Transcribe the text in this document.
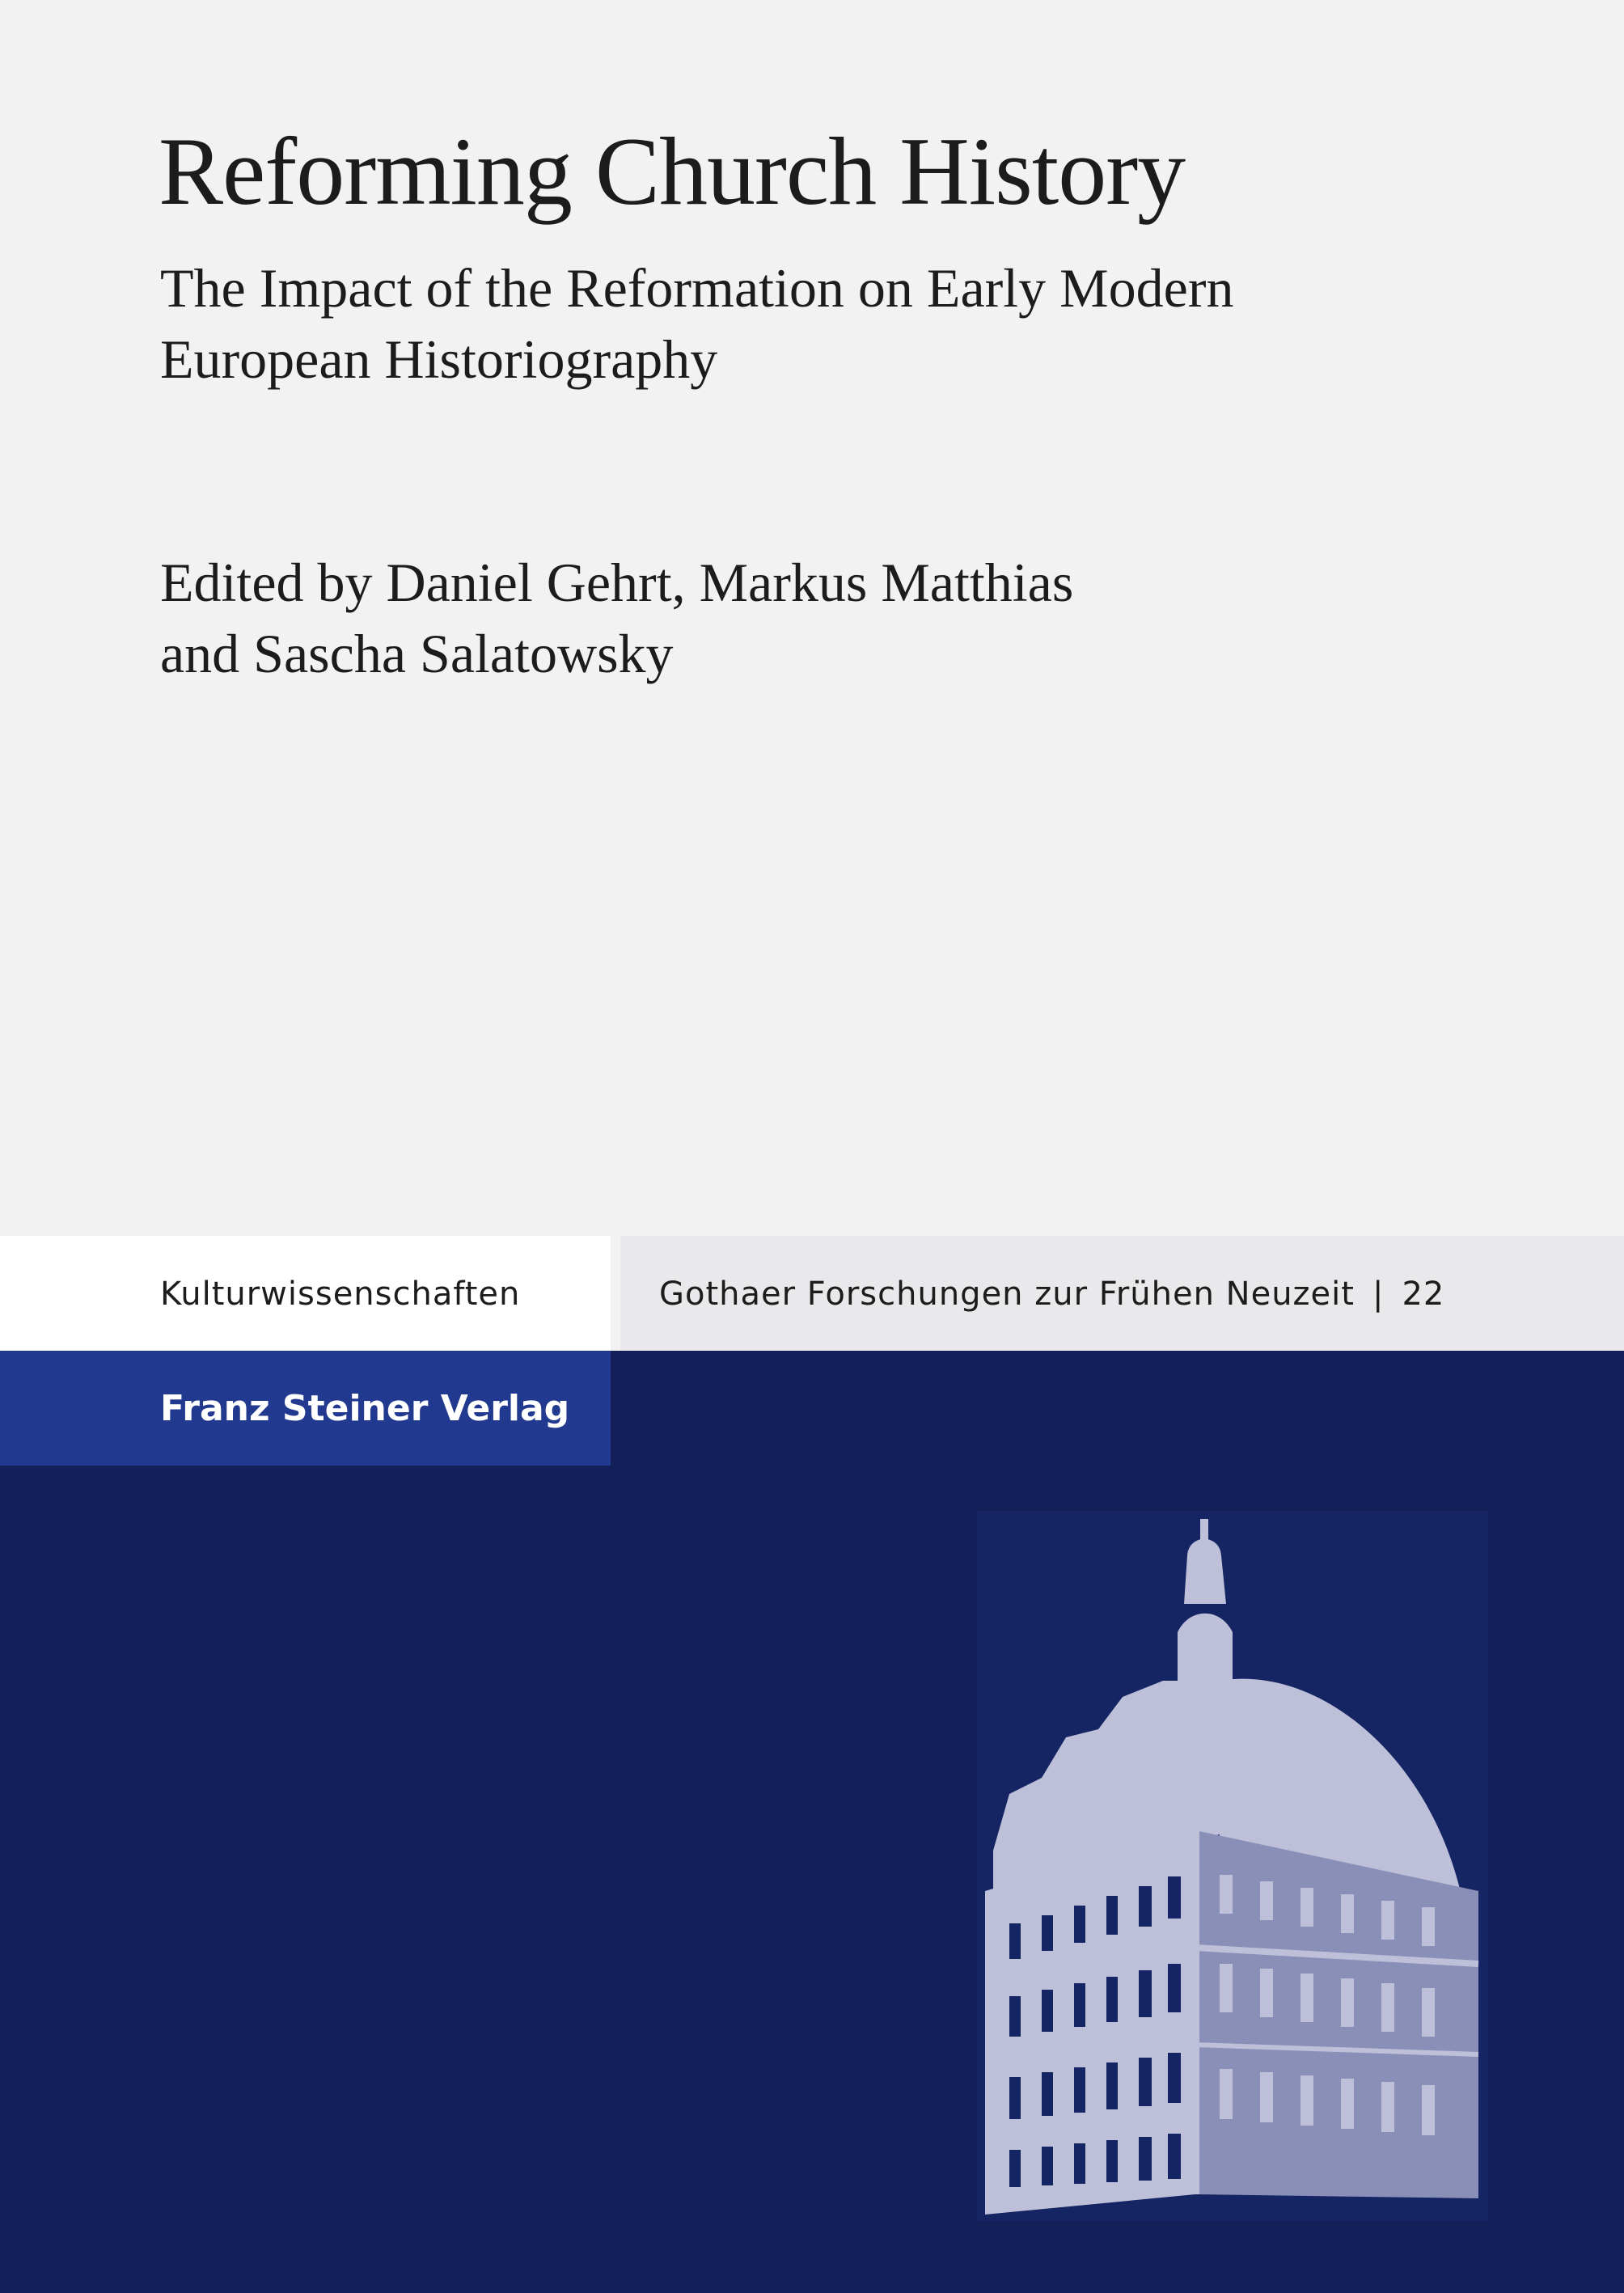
Reforming Church History
The Impact of the Reformation on Early Modern
European Historiography
Edited by Daniel Gehrt, Markus Matthias
and Sascha Salatowsky
Kulturwissenschaften	Gothaer Forschungen zur Frühen Neuzeit | 22
Franz Steiner Verlag
